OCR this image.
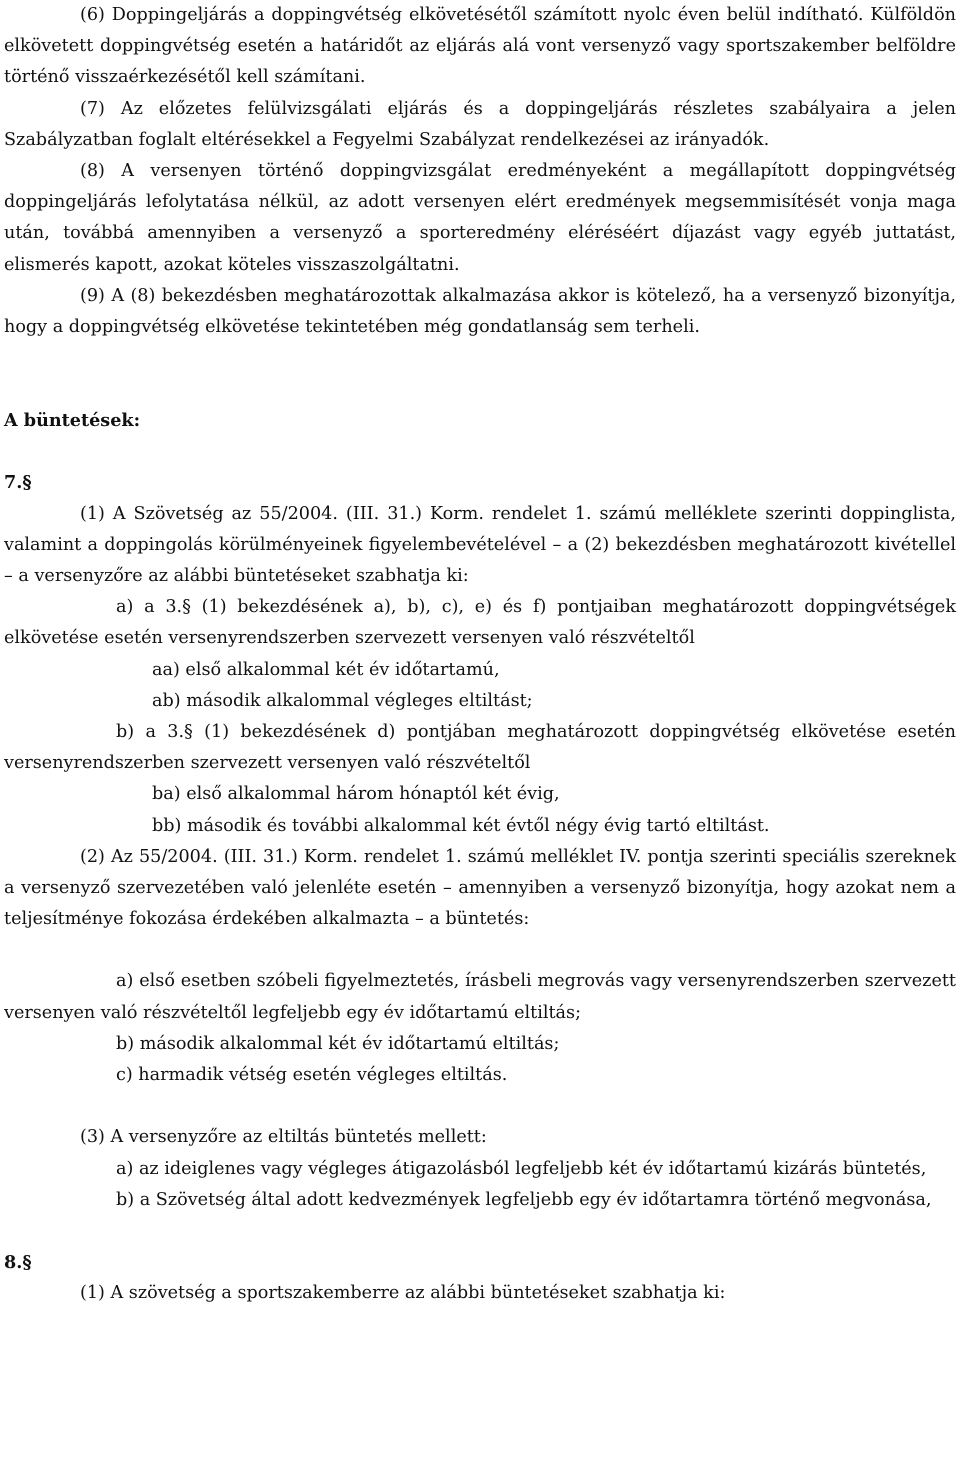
(6) Doppingeljárás a doppingvétség elkövetésétől számított nyolc éven belül indítható. Külföldön elkövetett doppingvétség esetén a határidőt az eljárás alá vont versenyző vagy sportszakember belföldre történő visszaérkezésétől kell számítani.

(7) Az előzetes felülvizsgálati eljárás és a doppingeljárás részletes szabályaira a jelen Szabályzatban foglalt eltérésekkel a Fegyelmi Szabályzat rendelkezései az irányadók.

(8) A versenyen történő doppingvizsgálat eredményeként a megállapított doppingvétség doppingeljárás lefolytatása nélkül, az adott versenyen elért eredmények megsemmisítését vonja maga után, továbbá amennyiben a versenyző a sporteredmény eléréséért díjazást vagy egyéb juttatást, elismerés kapott, azokat köteles visszaszolgáltatni.

(9) A (8) bekezdésben meghatározottak alkalmazása akkor is kötelező, ha a versenyző bizonyítja, hogy a doppingvétség elkövetése tekintetében még gondatlanság sem terheli.

A büntetések:

7.§

(1) A Szövetség az 55/2004. (III. 31.) Korm. rendelet 1. számú melléklete szerinti doppinglista, valamint a doppingolás körülményeinek figyelembevételével – a (2) bekezdésben meghatározott kivétellel – a versenyzőre az alábbi büntetéseket szabhatja ki:

a) a 3.§ (1) bekezdésének a), b), c), e) és f) pontjaiban meghatározott doppingvétségek elkövetése esetén versenyrendszerben szervezett versenyen való részvételtől

aa) első alkalommal két év időtartamú,

ab) második alkalommal végleges eltiltást;

b) a 3.§ (1) bekezdésének d) pontjában meghatározott doppingvétség elkövetése esetén versenyrendszerben szervezett versenyen való részvételtől

ba) első alkalommal három hónaptól két évig,

bb) második és további alkalommal két évtől négy évig tartó eltiltást.

(2) Az 55/2004. (III. 31.) Korm. rendelet 1. számú melléklet IV. pontja szerinti speciális szereknek a versenyző szervezetében való jelenléte esetén – amennyiben a versenyző bizonyítja, hogy azokat nem a teljesítménye fokozása érdekében alkalmazta – a büntetés:

a) első esetben szóbeli figyelmeztetés, írásbeli megrovás vagy versenyrendszerben szervezett versenyen való részvételtől legfeljebb egy év időtartamú eltiltás;

b) második alkalommal két év időtartamú eltiltás;

c) harmadik vétség esetén végleges eltiltás.

(3) A versenyzőre az eltiltás büntetés mellett:

a) az ideiglenes vagy végleges átigazolásból legfeljebb két év időtartamú kizárás büntetés,

b) a Szövetség által adott kedvezmények legfeljebb egy év időtartamra történő megvonása,

8.§

(1) A szövetség a sportszakemberre az alábbi büntetéseket szabhatja ki:
